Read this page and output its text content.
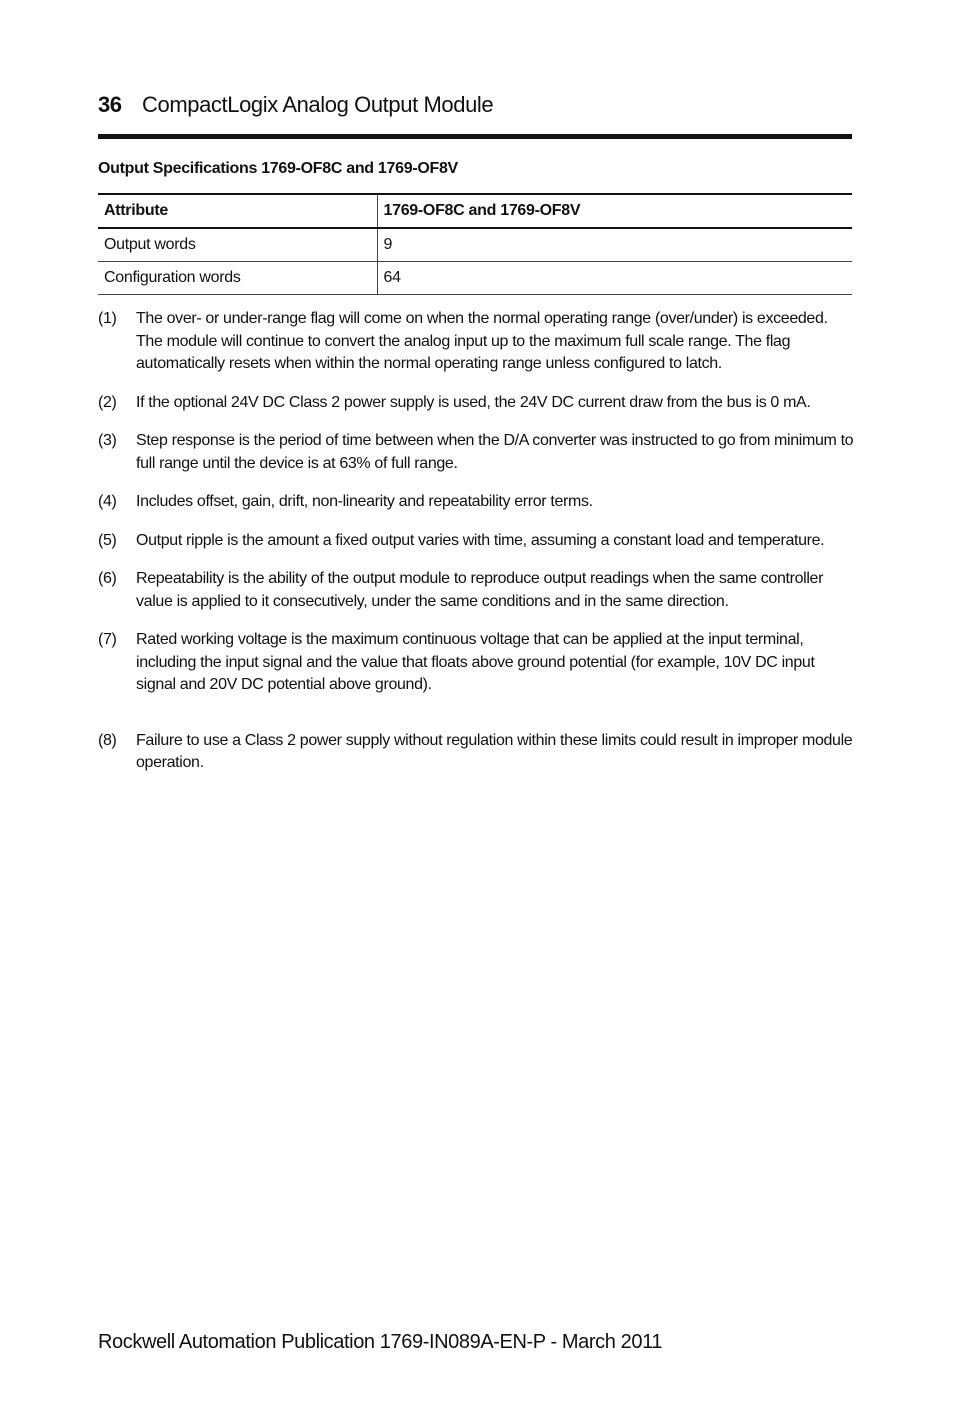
36 CompactLogix Analog Output Module
Output Specifications 1769-OF8C and 1769-OF8V
Attribute	1769-OF8C and 1769-OF8V
Output words	9
Configuration words	64
(1)	The over- or under-range flag will come on when the normal operating range (over/under) is exceeded. The module will continue to convert the analog input up to the maximum full scale range. The flag automatically resets when within the normal operating range unless configured to latch.
(2)	If the optional 24V DC Class 2 power supply is used, the 24V DC current draw from the bus is 0 mA.
(3)	Step response is the period of time between when the D/A converter was instructed to go from minimum to full range until the device is at 63% of full range.
(4)	Includes offset, gain, drift, non-linearity and repeatability error terms.
(5)	Output ripple is the amount a fixed output varies with time, assuming a constant load and temperature.
(6)	Repeatability is the ability of the output module to reproduce output readings when the same controller value is applied to it consecutively, under the same conditions and in the same direction.
(7)	Rated working voltage is the maximum continuous voltage that can be applied at the input terminal, including the input signal and the value that floats above ground potential (for example, 10V DC input signal and 20V DC potential above ground).
(8)	Failure to use a Class 2 power supply without regulation within these limits could result in improper module operation.
Rockwell Automation Publication 1769-IN089A-EN-P - March 2011
